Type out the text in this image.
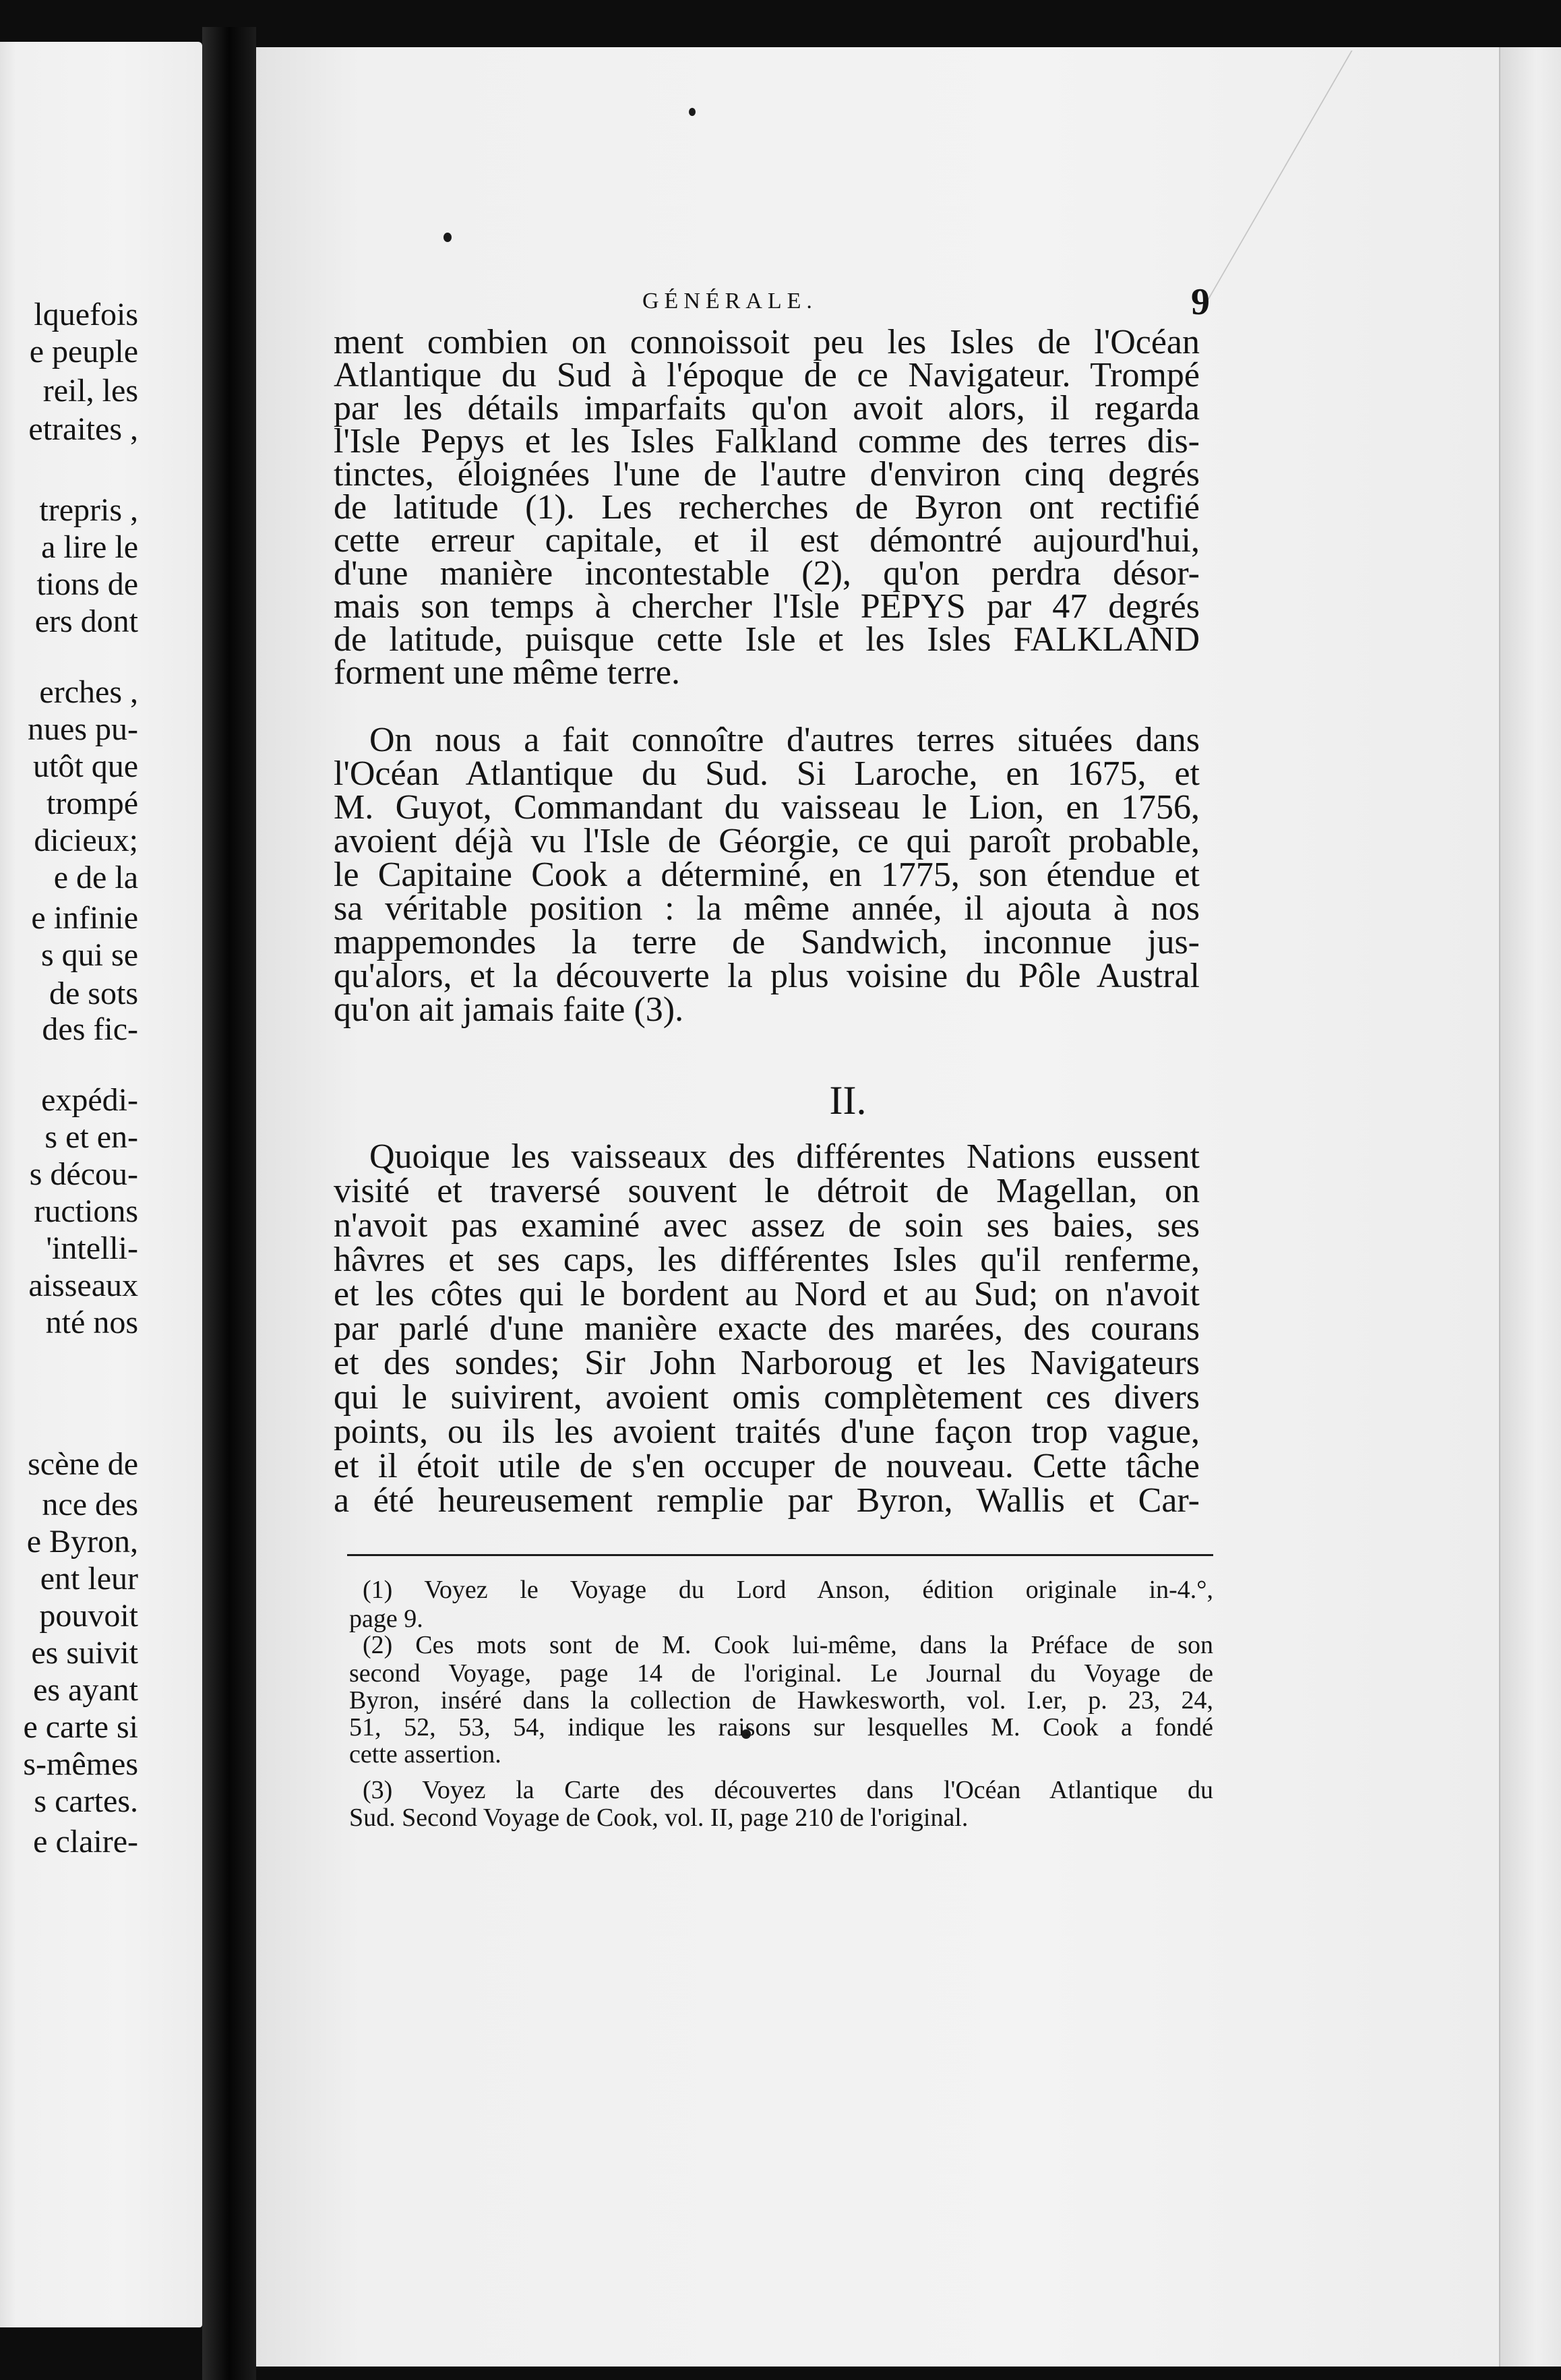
lquefois
e peuple
reil, les
etraites ,
trepris ,
a lire le
tions de
ers dont
erches ,
nues pu-
utôt que
trompé
dicieux;
e de la
e infinie
s qui se
de sots
des fic-
expédi-
s et en-
s décou-
ructions
'intelli-
aisseaux
nté nos
scène de
nce des
e Byron,
ent leur
pouvoit
es suivit
es ayant
e carte si
s-mêmes
s cartes.
e claire-
GÉNÉRALE.	9
ment combien on connoissoit peu les Isles de l'Océan
Atlantique du Sud à l'époque de ce Navigateur. Trompé
par les détails imparfaits qu'on avoit alors, il regarda
l'Isle Pepys et les Isles Falkland comme des terres dis-
tinctes, éloignées l'une de l'autre d'environ cinq degrés
de latitude (1). Les recherches de Byron ont rectifié
cette erreur capitale, et il est démontré aujourd'hui,
d'une manière incontestable (2), qu'on perdra désor-
mais son temps à chercher l'Isle PEPYS par 47 degrés
de latitude, puisque cette Isle et les Isles FALKLAND
forment une même terre.
On nous a fait connoître d'autres terres situées dans
l'Océan Atlantique du Sud. Si Laroche, en 1675, et
M. Guyot, Commandant du vaisseau le Lion, en 1756,
avoient déjà vu l'Isle de Géorgie, ce qui paroît probable,
le Capitaine Cook a déterminé, en 1775, son étendue et
sa véritable position : la même année, il ajouta à nos
mappemondes la terre de Sandwich, inconnue jus-
qu'alors, et la découverte la plus voisine du Pôle Austral
qu'on ait jamais faite (3).
Quoique les vaisseaux des différentes Nations eussent
visité et traversé souvent le détroit de Magellan, on
n'avoit pas examiné avec assez de soin ses baies, ses
hâvres et ses caps, les différentes Isles qu'il renferme,
et les côtes qui le bordent au Nord et au Sud; on n'avoit
par parlé d'une manière exacte des marées, des courans
et des sondes; Sir John Narboroug et les Navigateurs
qui le suivirent, avoient omis complètement ces divers
points, ou ils les avoient traités d'une façon trop vague,
et il étoit utile de s'en occuper de nouveau. Cette tâche
a été heureusement remplie par Byron, Wallis et Car-
II.
(1) Voyez le Voyage du Lord Anson, édition originale in-4.°,
page 9.
(2) Ces mots sont de M. Cook lui-même, dans la Préface de son
second Voyage, page 14 de l'original. Le Journal du Voyage de
Byron, inséré dans la collection de Hawkesworth, vol. I.er, p. 23, 24,
51, 52, 53, 54, indique les raisons sur lesquelles M. Cook a fondé
cette assertion.
(3) Voyez la Carte des découvertes dans l'Océan Atlantique du
Sud. Second Voyage de Cook, vol. II, page 210 de l'original.
